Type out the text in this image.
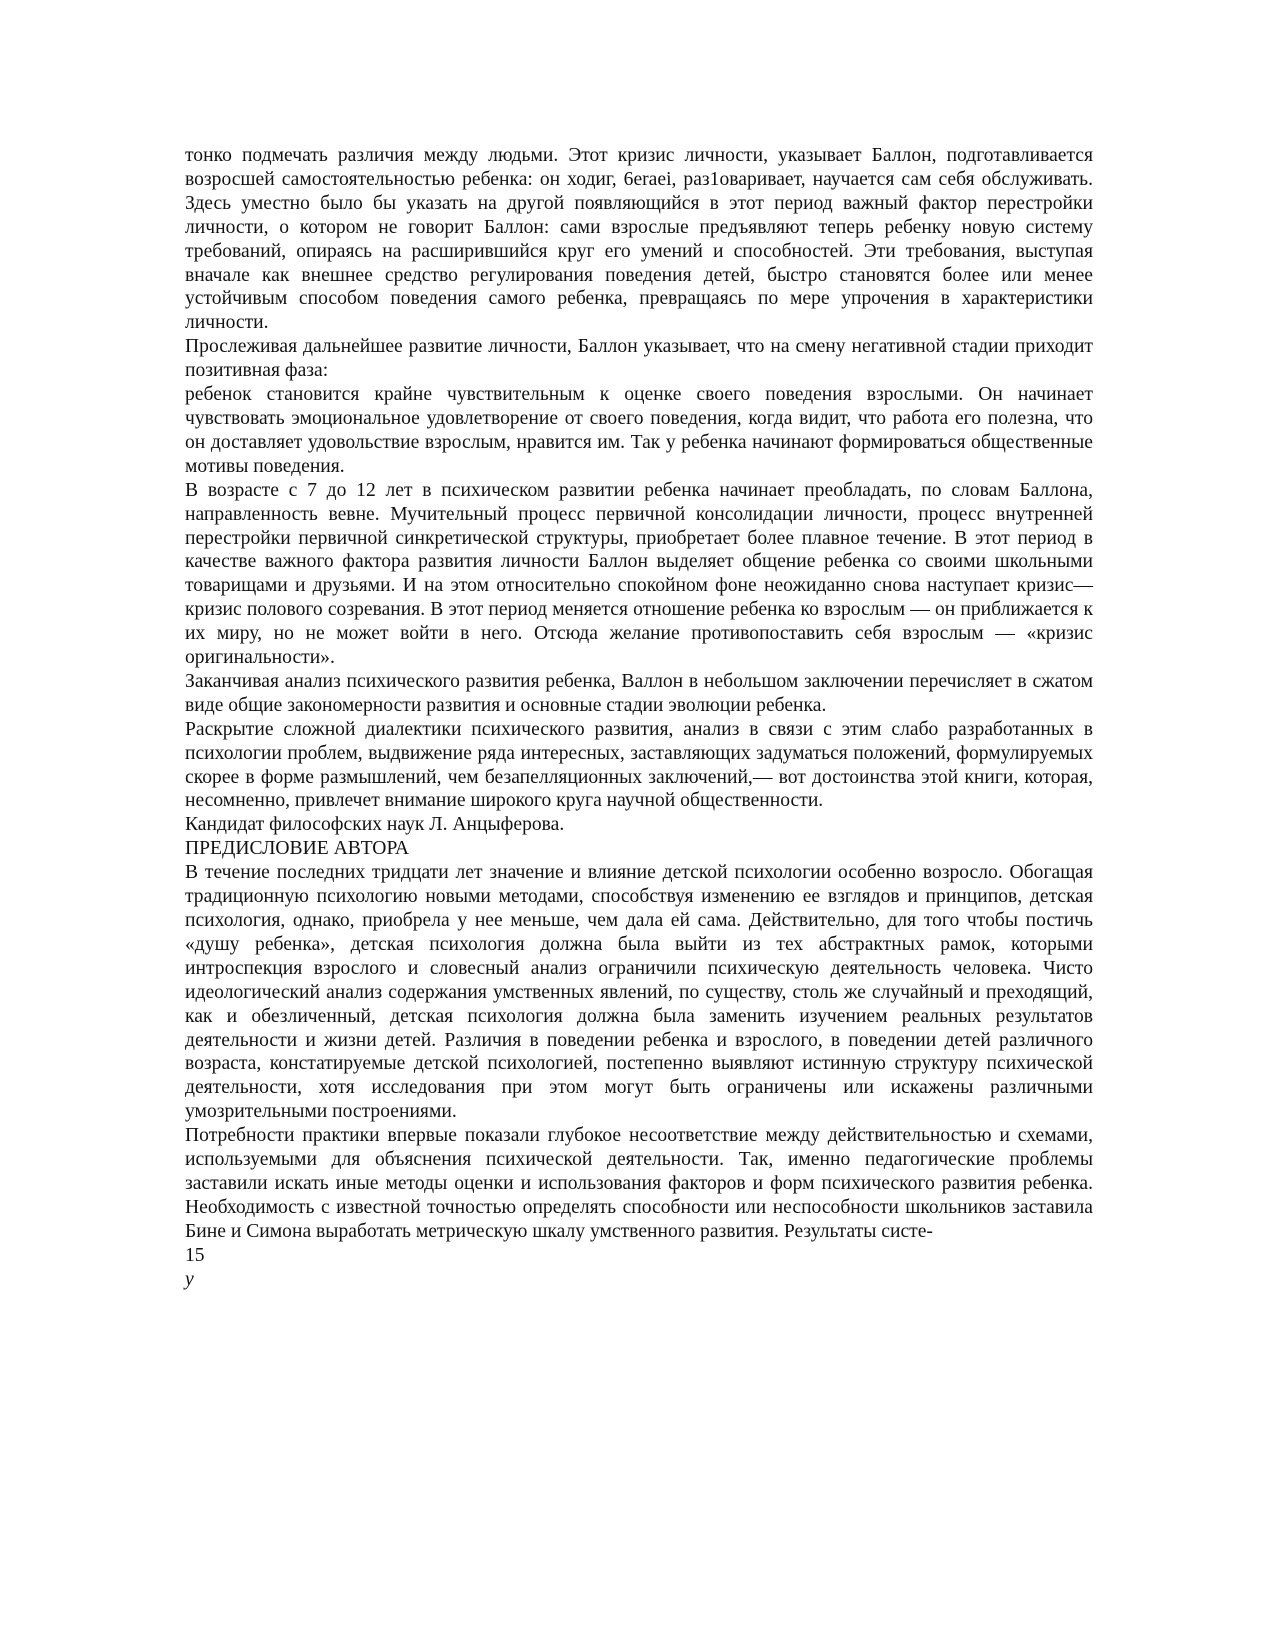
тонко подмечать различия между людьми. Этот кризис личности, указывает Баллон, подготавливается возросшей самостоятельностью ребенка: он ходиг, 6eraei, раз1оваривает, научается сам себя обслуживать. Здесь уместно было бы указать на другой появляющийся в этот период важный фактор перестройки личности, о котором не говорит Баллон: сами взрослые предъявляют теперь ребенку новую систему требований, опираясь на расширившийся круг его умений и способностей. Эти требования, выступая вначале как внешнее средство регулирования поведения детей, быстро становятся более или менее устойчивым способом поведения самого ребенка, превращаясь по мере упрочения в характеристики личности.

Прослеживая дальнейшее развитие личности, Баллон указывает, что на смену негативной стадии приходит позитивная фаза:

ребенок становится крайне чувствительным к оценке своего поведения взрослыми. Он начинает чувствовать эмоциональное удовлетворение от своего поведения, когда видит, что работа его полезна, что он доставляет удовольствие взрослым, нравится им. Так у ребенка начинают формироваться общественные мотивы поведения.

В возрасте с 7 до 12 лет в психическом развитии ребенка начинает преобладать, по словам Баллона, направленность вевне. Мучительный процесс первичной консолидации личности, процесс внутренней перестройки первичной синкретической структуры, приобретает более плавное течение. В этот период в качестве важного фактора развития личности Баллон выделяет общение ребенка со своими школьными товарищами и друзьями. И на этом относительно спокойном фоне неожиданно снова наступает кризис—кризис полового созревания. В этот период меняется отношение ребенка ко взрослым — он приближается к их миру, но не может войти в него. Отсюда желание противопоставить себя взрослым — «кризис оригинальности».

Заканчивая анализ психического развития ребенка, Валлон в небольшом заключении перечисляет в сжатом виде общие закономерности развития и основные стадии эволюции ребенка.

Раскрытие сложной диалектики психического развития, анализ в связи с этим слабо разработанных в психологии проблем, выдвижение ряда интересных, заставляющих задуматься положений, формулируемых скорее в форме размышлений, чем безапелляционных заключений,— вот достоинства этой книги, которая, несомненно, привлечет внимание широкого круга научной общественности.

Кандидат философских наук Л. Анцыферова.

ПРЕДИСЛОВИЕ АВТОРА

В течение последних тридцати лет значение и влияние детской психологии особенно возросло. Обогащая традиционную психологию новыми методами, способствуя изменению ее взглядов и принципов, детская психология, однако, приобрела у нее меньше, чем дала ей сама. Действительно, для того чтобы постичь «душу ребенка», детская психология должна была выйти из тех абстрактных рамок, которыми интроспекция взрослого и словесный анализ ограничили психическую деятельность человека. Чисто идеологический анализ содержания умственных явлений, по существу, столь же случайный и преходящий, как и обезличенный, детская психология должна была заменить изучением реальных результатов деятельности и жизни детей. Различия в поведении ребенка и взрослого, в поведении детей различного возраста, констатируемые детской психологией, постепенно выявляют истинную структуру психической деятельности, хотя исследования при этом могут быть ограничены или искажены различными умозрительными построениями.

Потребности практики впервые показали глубокое несоответствие между действительностью и схемами, используемыми для объяснения психической деятельности. Так, именно педагогические проблемы заставили искать иные методы оценки и использования факторов и форм психического развития ребенка. Необходимость с известной точностью определять способности или неспособности школьников заставила Бине и Симона выработать метрическую шкалу умственного развития. Результаты систе-

15

у
